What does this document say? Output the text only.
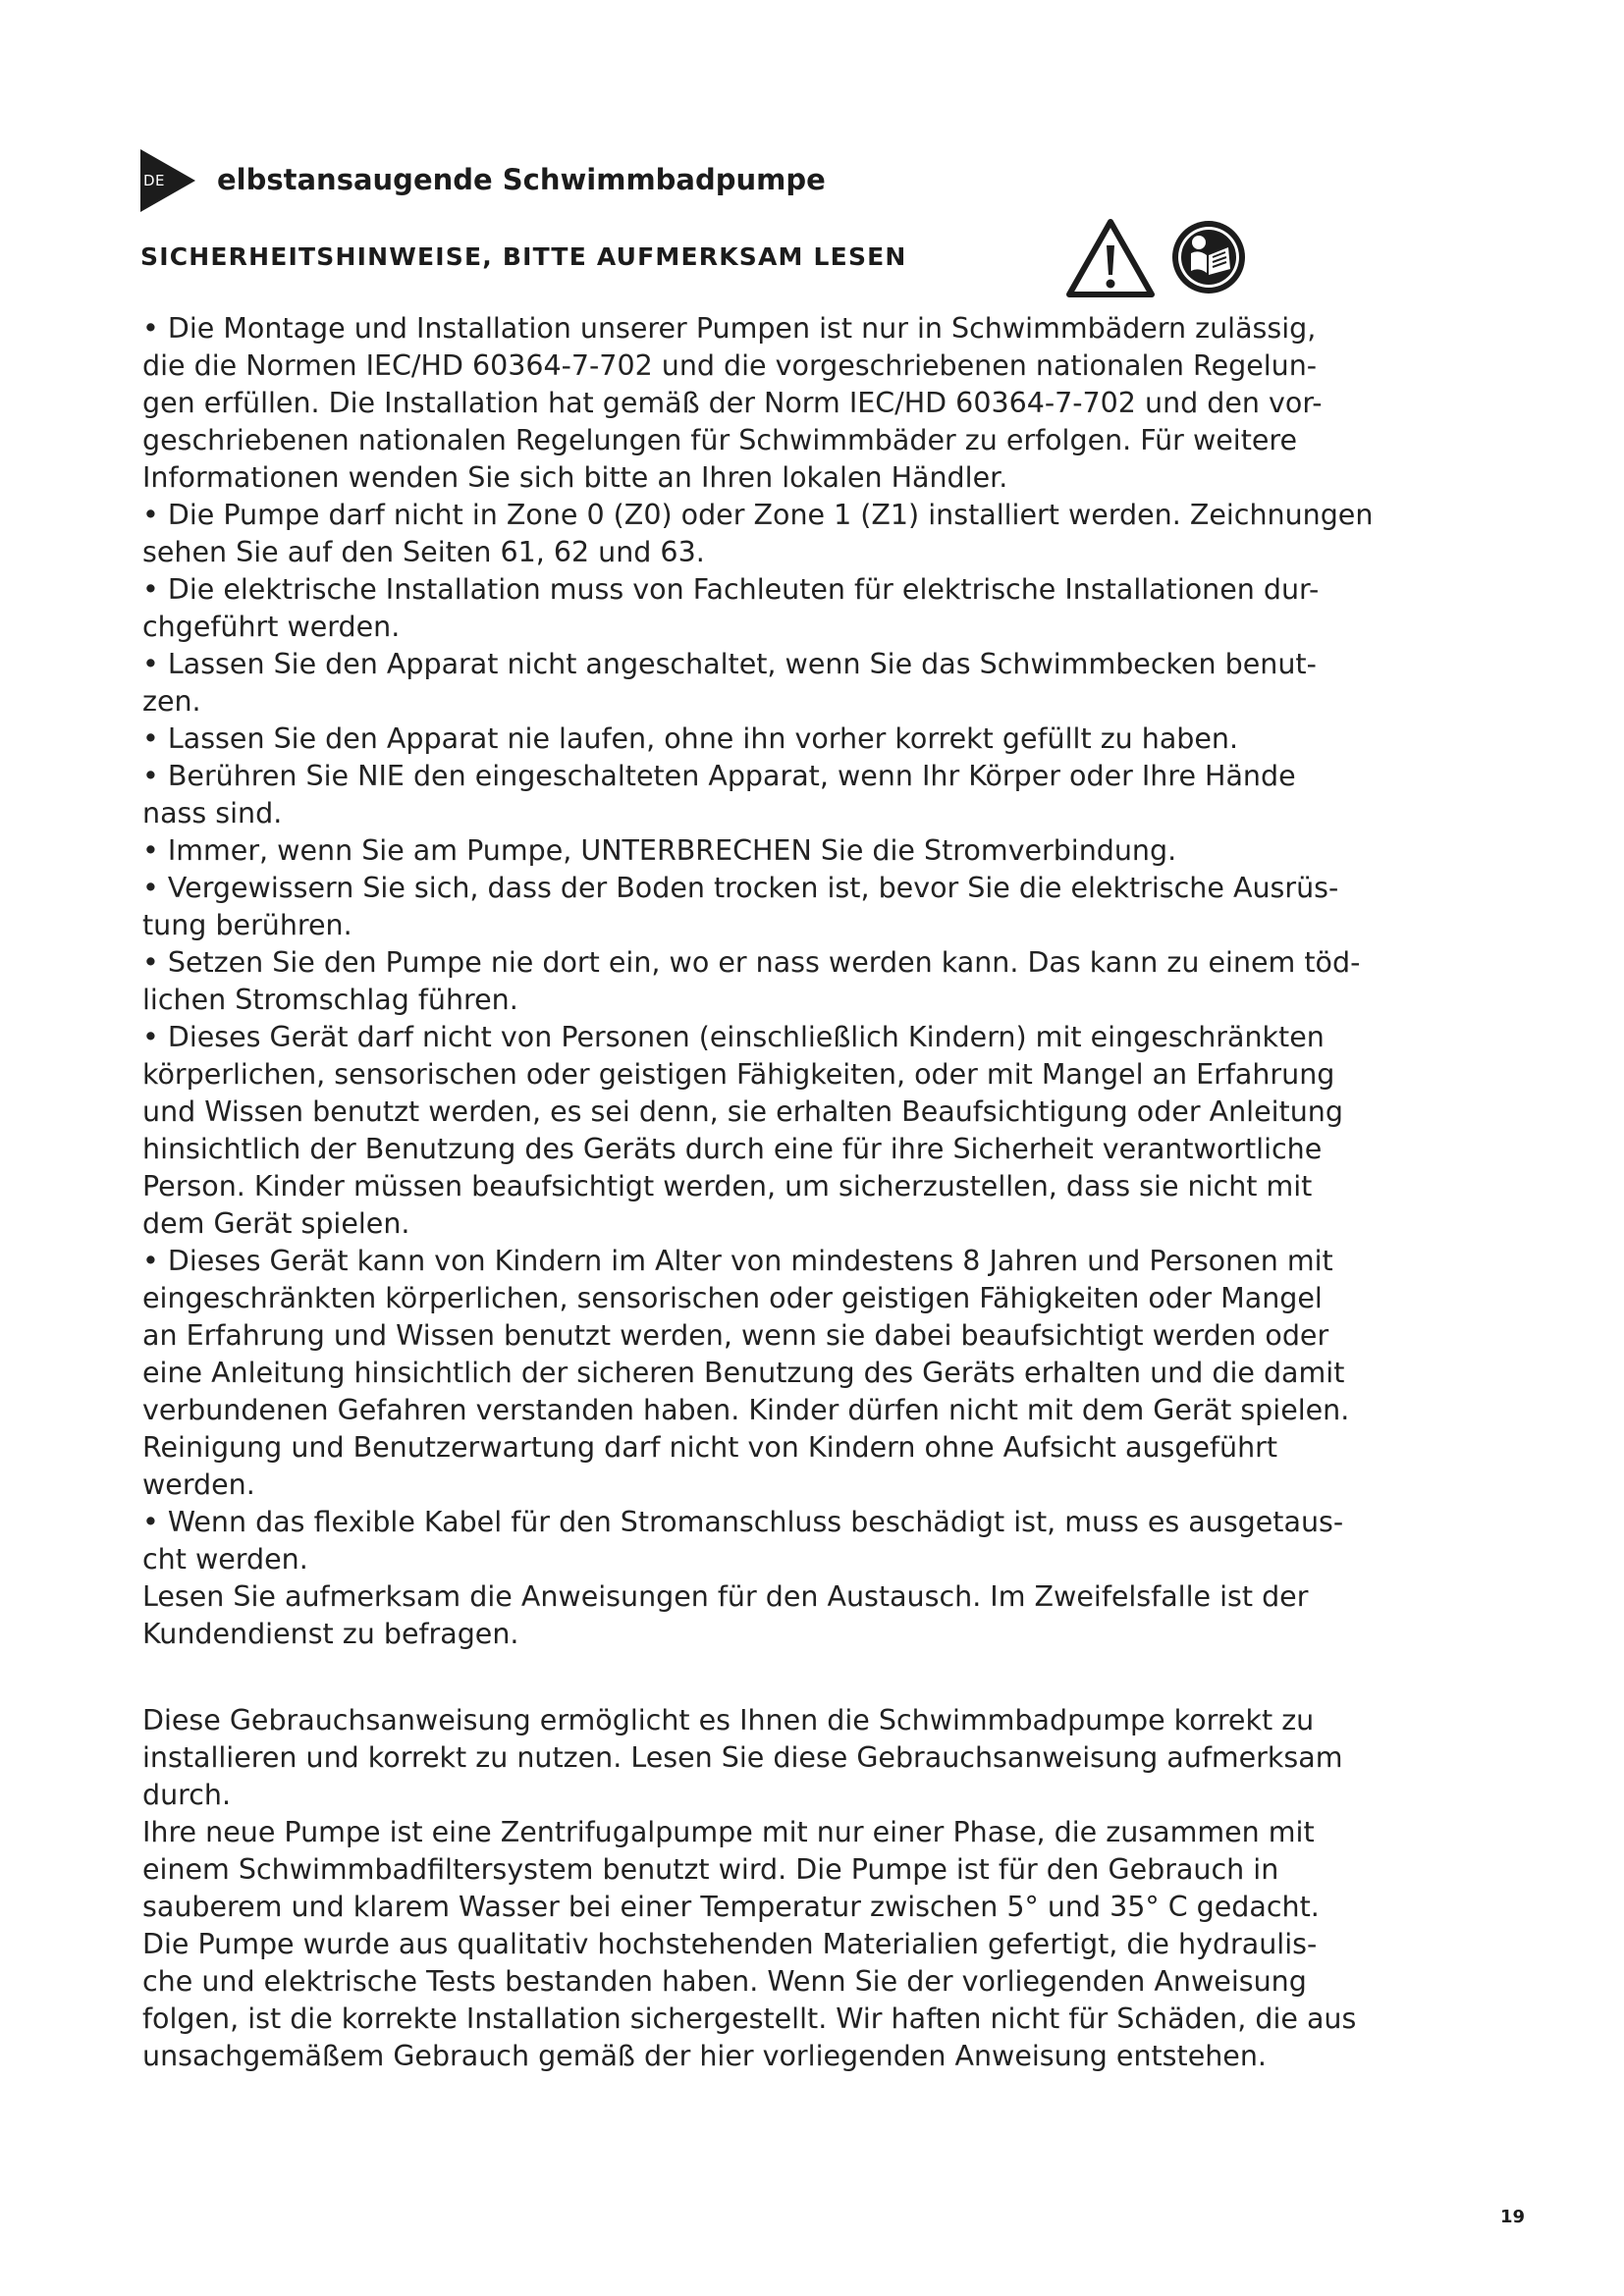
DE elbstansaugende Schwimmbadpumpe
SICHERHEITSHINWEISE, BITTE AUFMERKSAM LESEN
• Die Montage und Installation unserer Pumpen ist nur in Schwimmbädern zulässig,
die die Normen IEC/HD 60364-7-702 und die vorgeschriebenen nationalen Regelun-
gen erfüllen. Die Installation hat gemäß der Norm IEC/HD 60364-7-702 und den vor-
geschriebenen nationalen Regelungen für Schwimmbäder zu erfolgen. Für weitere
Informationen wenden Sie sich bitte an Ihren lokalen Händler.
• Die Pumpe darf nicht in Zone 0 (Z0) oder Zone 1 (Z1) installiert werden. Zeichnungen
sehen Sie auf den Seiten 61, 62 und 63.
• Die elektrische Installation muss von Fachleuten für elektrische Installationen dur-
chgeführt werden.
• Lassen Sie den Apparat nicht angeschaltet, wenn Sie das Schwimmbecken benut-
zen.
• Lassen Sie den Apparat nie laufen, ohne ihn vorher korrekt gefüllt zu haben.
• Berühren Sie NIE den eingeschalteten Apparat, wenn Ihr Körper oder Ihre Hände
nass sind.
• Immer, wenn Sie am Pumpe, UNTERBRECHEN Sie die Stromverbindung.
• Vergewissern Sie sich, dass der Boden trocken ist, bevor Sie die elektrische Ausrüs-
tung berühren.
• Setzen Sie den Pumpe nie dort ein, wo er nass werden kann. Das kann zu einem töd-
lichen Stromschlag führen.
• Dieses Gerät darf nicht von Personen (einschließlich Kindern) mit eingeschränkten
körperlichen, sensorischen oder geistigen Fähigkeiten, oder mit Mangel an Erfahrung
und Wissen benutzt werden, es sei denn, sie erhalten Beaufsichtigung oder Anleitung
hinsichtlich der Benutzung des Geräts durch eine für ihre Sicherheit verantwortliche
Person. Kinder müssen beaufsichtigt werden, um sicherzustellen, dass sie nicht mit
dem Gerät spielen.
• Dieses Gerät kann von Kindern im Alter von mindestens 8 Jahren und Personen mit
eingeschränkten körperlichen, sensorischen oder geistigen Fähigkeiten oder Mangel
an Erfahrung und Wissen benutzt werden, wenn sie dabei beaufsichtigt werden oder
eine Anleitung hinsichtlich der sicheren Benutzung des Geräts erhalten und die damit
verbundenen Gefahren verstanden haben. Kinder dürfen nicht mit dem Gerät spielen.
Reinigung und Benutzerwartung darf nicht von Kindern ohne Aufsicht ausgeführt
werden.
• Wenn das flexible Kabel für den Stromanschluss beschädigt ist, muss es ausgetaus-
cht werden.
Lesen Sie aufmerksam die Anweisungen für den Austausch. Im Zweifelsfalle ist der
Kundendienst zu befragen.
Diese Gebrauchsanweisung ermöglicht es Ihnen die Schwimmbadpumpe korrekt zu
installieren und korrekt zu nutzen. Lesen Sie diese Gebrauchsanweisung aufmerksam
durch.
Ihre neue Pumpe ist eine Zentrifugalpumpe mit nur einer Phase, die zusammen mit
einem Schwimmbadfiltersystem benutzt wird. Die Pumpe ist für den Gebrauch in
sauberem und klarem Wasser bei einer Temperatur zwischen 5° und 35° C gedacht.
Die Pumpe wurde aus qualitativ hochstehenden Materialien gefertigt, die hydraulis-
che und elektrische Tests bestanden haben. Wenn Sie der vorliegenden Anweisung
folgen, ist die korrekte Installation sichergestellt. Wir haften nicht für Schäden, die aus
unsachgemäßem Gebrauch gemäß der hier vorliegenden Anweisung entstehen.
19
